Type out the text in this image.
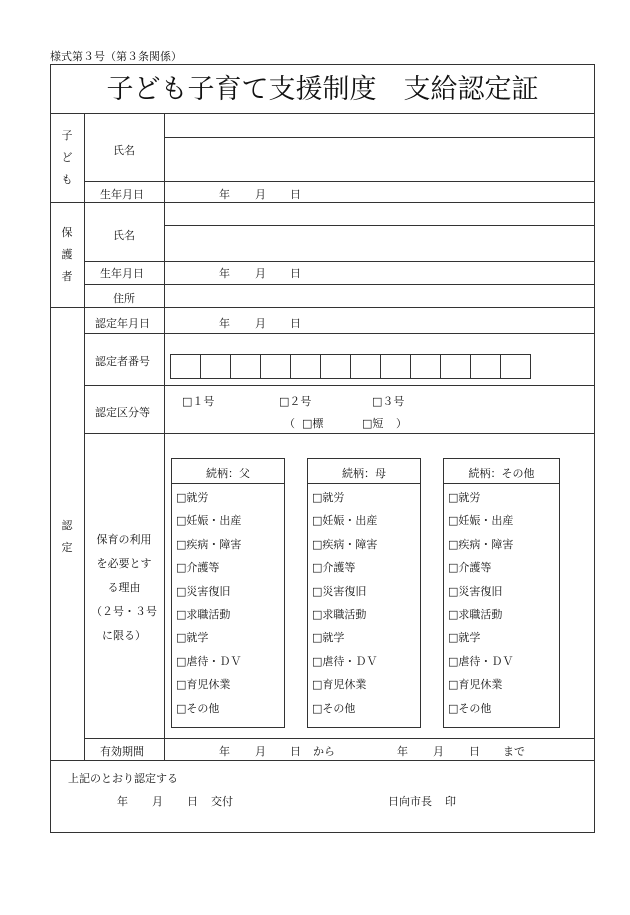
様式第３号（第３条関係）
子ども子育て支援制度　支給認定証
子
ど
も
氏名
生年月日	年 月 日
保
護
者
氏名
生年月日	年 月 日
住所
認
定
認定年月日	年 月 日
認定者番号
認定区分等
□１号	□２号	□３号
（ □標	□短 ）
保育の利用
を必要とす
る理由
（２号・３号
に限る）
続柄：父
□就労
□妊娠・出産
□疾病・障害
□介護等
□災害復旧
□求職活動
□就学
□虐待・ＤＶ
□育児休業
□その他
続柄：母
□就労
□妊娠・出産
□疾病・障害
□介護等
□災害復旧
□求職活動
□就学
□虐待・ＤＶ
□育児休業
□その他
続柄：その他
□就労
□妊娠・出産
□疾病・障害
□介護等
□災害復旧
□求職活動
□就学
□虐待・ＤＶ
□育児休業
□その他
有効期間	年 月 日 から	年 月 日 まで
上記のとおり認定する
年 月 日 交付	日向市長 印
